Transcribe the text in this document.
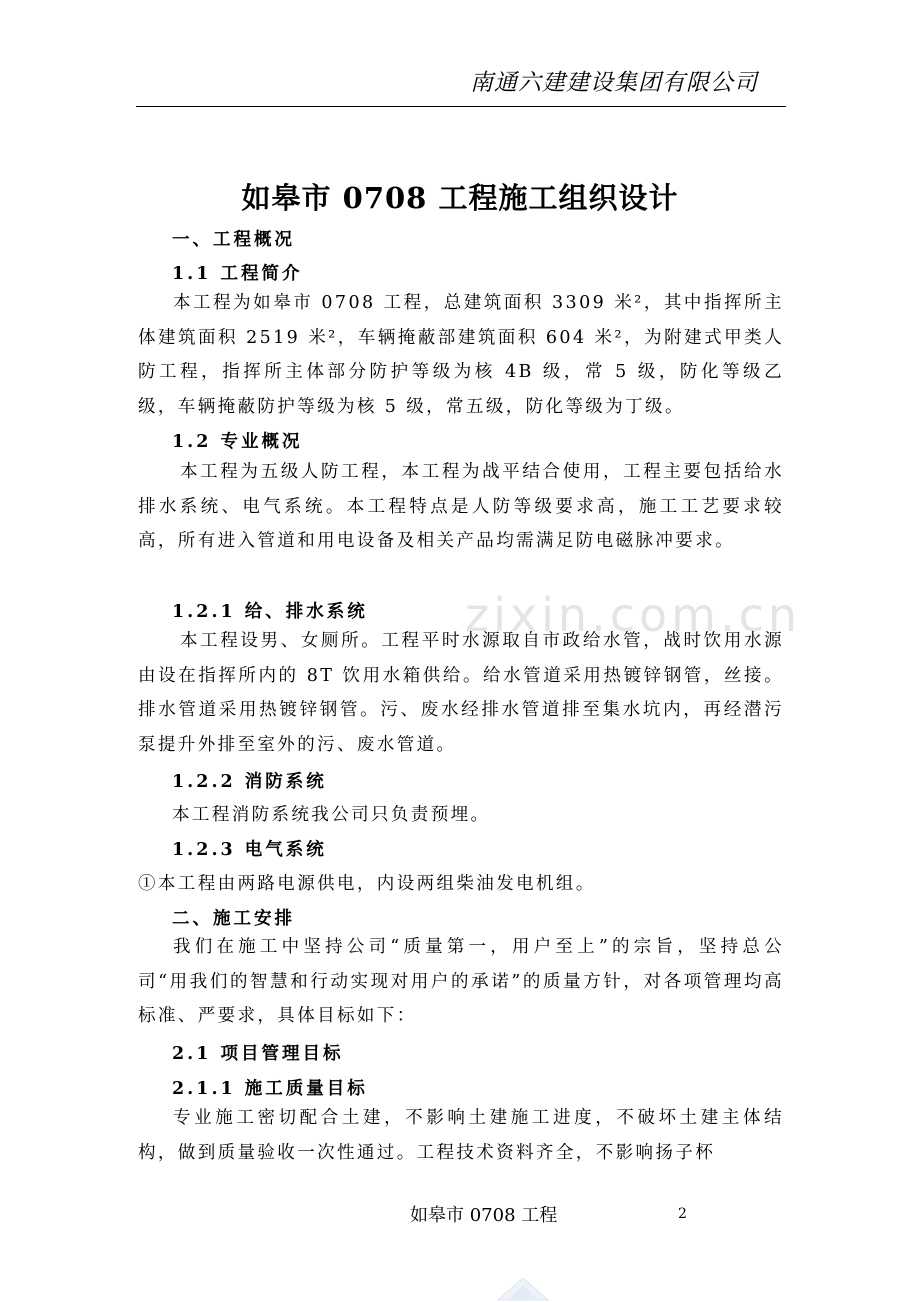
zixin.com.cn
南通六建建设集团有限公司
如皋市 0708 工程施工组织设计
一、工程概况
1.1 工程简介

本工程为如皋市 0708 工程，总建筑面积 3309 米²，其中指挥所主体建筑面积 2519 米²，车辆掩蔽部建筑面积 604 米²，为附建式甲类人防工程，指挥所主体部分防护等级为核 4B 级，常 5 级，防化等级乙级，车辆掩蔽防护等级为核 5 级，常五级，防化等级为丁级。

1.2 专业概况

本工程为五级人防工程，本工程为战平结合使用，工程主要包括给水排水系统、电气系统。本工程特点是人防等级要求高，施工工艺要求较高，所有进入管道和用电设备及相关产品均需满足防电磁脉冲要求。

1.2.1 给、排水系统

本工程设男、女厕所。工程平时水源取自市政给水管，战时饮用水源由设在指挥所内的 8T 饮用水箱供给。给水管道采用热镀锌钢管，丝接。排水管道采用热镀锌钢管。污、废水经排水管道排至集水坑内，再经潜污泵提升外排至室外的污、废水管道。

1.2.2 消防系统
本工程消防系统我公司只负责预埋。
1.2.3 电气系统
①本工程由两路电源供电，内设两组柴油发电机组。
二、施工安排

我们在施工中坚持公司“质量第一，用户至上”的宗旨，坚持总公司“用我们的智慧和行动实现对用户的承诺”的质量方针，对各项管理均高标准、严要求，具体目标如下：

2.1 项目管理目标
2.1.1 施工质量目标

专业施工密切配合土建，不影响土建施工进度，不破坏土建主体结构，做到质量验收一次性通过。工程技术资料齐全，不影响扬子杯

如皋市 0708 工程	2
